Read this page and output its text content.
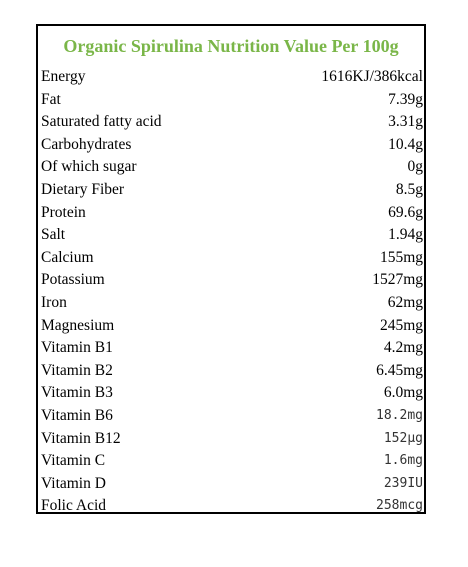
Organic Spirulina Nutrition Value Per 100g
Energy	1616KJ/386kcal
Fat	7.39g
Saturated fatty acid	3.31g
Carbohydrates	10.4g
Of which sugar	0g
Dietary Fiber	8.5g
Protein	69.6g
Salt	1.94g
Calcium	155mg
Potassium	1527mg
Iron	62mg
Magnesium	245mg
Vitamin B1	4.2mg
Vitamin B2	6.45mg
Vitamin B3	6.0mg
Vitamin B6	18.2mg
Vitamin B12	152μg
Vitamin C	1.6mg
Vitamin D	239IU
Folic Acid	258mcg
